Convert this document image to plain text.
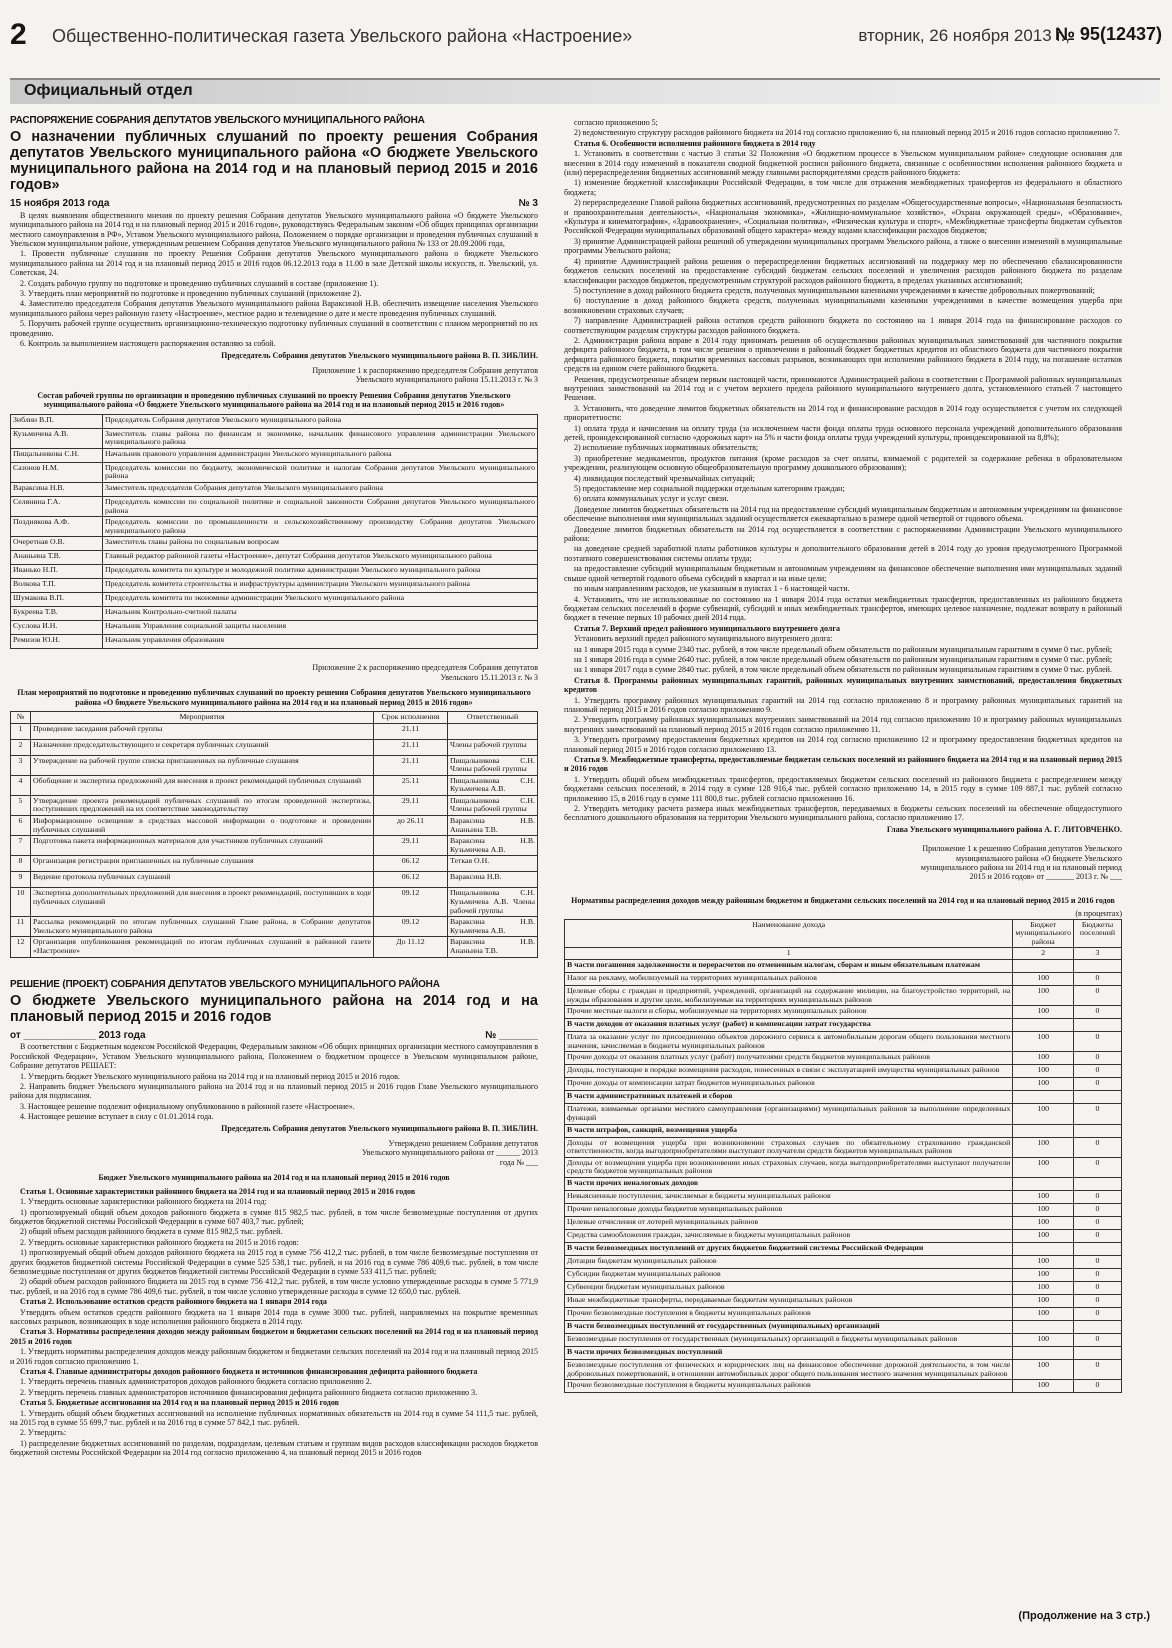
2 Общественно-политическая газета Увельского района «Настроение»	вторник, 26 ноября 2013 г.,
№ 95(12437)
Официальный отдел
РАСПОРЯЖЕНИЕ СОБРАНИЯ ДЕПУТАТОВ УВЕЛЬСКОГО МУНИЦИПАЛЬНОГО РАЙОНА
О назначении публичных слушаний по проекту решения Собрания депутатов Увельского муниципального района «О бюджете Увельского муниципального района на 2014 год и на плановый период 2015 и 2016 годов»
15 ноября 2013 года	№ 3

В целях выявления общественного мнения по проекту решения Собрания депутатов Увельского муниципального района «О бюджете Увельского муниципального района на 2014 год и на плановый период 2015 и 2016 годов», руководствуясь Федеральным законом «Об общих принципах организации местного самоуправления в РФ», Уставом Увельского муниципального района, Положением о порядке организации и проведения публичных слушаний в Увельском муниципальном районе, утвержденным решением Собрания депутатов Увельского муниципального района № 133 от 28.09.2006 года,

1. Провести публичные слушания по проекту Решения Собрания депутатов Увельского муниципального района о бюджете Увельского муниципального района на 2014 год и на плановый период 2015 и 2016 годов 06.12.2013 года в 11.00 в зале Детской школы искусств, п. Увельский, ул. Советская, 24.

2. Создать рабочую группу по подготовке и проведению публичных слушаний в составе (приложение 1).

3. Утвердить план мероприятий по подготовке и проведению публичных слушаний (приложение 2).

4. Заместителю председателя Собрания депутатов Увельского муниципального района Вараксиной Н.В. обеспечить извещение населения Увельского муниципального района через районную газету «Настроение», местное радио и телевидение о дате и месте проведения публичных слушаний.

5. Поручить рабочей группе осуществить организационно-техническую подготовку публичных слушаний в соответствии с планом мероприятий по их проведению.

6. Контроль за выполнением настоящего распоряжения оставляю за собой.

Председатель Собрания депутатов Увельского муниципального района В. П. ЗИБЛИН.
Приложение 1 к распоряжению председателя Собрания депутатов Увельского муниципального района 15.11.2013 г. № 3
Состав рабочей группы по организации и проведению публичных слушаний по проекту Решения Собрания депутатов Увельского муниципального района «О бюджете Увельского муниципального района на 2014 год и на плановый период 2015 и 2016 годов»
Зиблин В.П.	Председатель Собрания депутатов Увельского муниципального района
Кузьмичева А.В.	Заместитель главы района по финансам и экономике, начальник финансового управления администрации Увельского муниципального района
Пищальникова С.Н.	Начальник правового управления администрации Увельского муниципального района
Сазонов Н.М.	Председатель комиссии по бюджету, экономической политике и налогам Собрания депутатов Увельского муниципального района
Вараксина Н.В.	Заместитель председателя Собрания депутатов Увельского муниципального района
Селянина Г.А.	Председатель комиссии по социальной политике и социальной законности Собрания депутатов Увельского муниципального района
Позднякова А.Ф.	Председатель комиссии по промышленности и сельскохозяйственному производству Собрания депутатов Увельского муниципального района
Очеретная О.В.	Заместитель главы района по социальным вопросам
Ананьина Т.В.	Главный редактор районной газеты «Настроение», депутат Собрания депутатов Увельского муниципального района
Иванько Н.П.	Председатель комитета по культуре и молодежной политике администрации Увельского муниципального района
Волкова Т.П.	Председатель комитета строительства и инфраструктуры администрации Увельского муниципального района
Шумакова В.П.	Председатель комитета по экономике администрации Увельского муниципального района
Букреева Т.В.	Начальник Контрольно-счетной палаты
Суслова И.Н.	Начальник Управления социальной защиты населения
Ремизов Ю.Н.	Начальник управления образования
Приложение 2 к распоряжению председателя Собрания депутатов Увельского 15.11.2013 г. № 3
План мероприятий по подготовке и проведению публичных слушаний по проекту решения Собрания депутатов Увельского муниципального района «О бюджете Увельского муниципального района на 2014 год и на плановый период 2015 и 2016 годов»
№	Мероприятия	Срок исполнения	Ответственный
1	Проведение заседания рабочей группы	21.11	
2	Назначение председательствующего и секретаря публичных слушаний	21.11	Члены рабочей группы
3	Утверждение на рабочей группе списка приглашенных на публичные слушания	21.11	Пищальникова С.Н. Члены рабочей группы
4	Обобщение и экспертиза предложений для внесения в проект рекомендаций публичных слушаний	25.11	Пищальникова С.Н. Кузьмичева А.В.
5	Утверждение проекта рекомендаций публичных слушаний по итогам проведенной экспертизы, поступивших предложений на их соответствие законодательству	29.11	Пищальникова С.Н. Члены рабочей группы
6	Информационное освещение в средствах массовой информации о подготовке и проведении публичных слушаний	до 26.11	Вараксина Н.В. Ананьина Т.В.
7	Подготовка пакета информационных материалов для участников публичных слушаний	29.11	Вараксина Н.В. Кузьмичева А.В.
8	Организация регистрации приглашенных на публичные слушания	06.12	Теткая О.Н.
9	Ведение протокола публичных слушаний	06.12	Вараксина Н.В.
10	Экспертиза дополнительных предложений для внесения в проект рекомендаций, поступивших в ходе публичных слушаний	09.12	Пищальникова С.Н. Кузьмичева А.В. Члены рабочей группы
11	Рассылка рекомендаций по итогам публичных слушаний Главе района, в Собрание депутатов Увельского муниципального района	09.12	Вараксина Н.В. Кузьмичева А.В.
12	Организация опубликования рекомендаций по итогам публичных слушаний в районной газете «Настроение»	До 11.12	Вараксина Н.В. Ананьина Т.В.
РЕШЕНИЕ (ПРОЕКТ) СОБРАНИЯ ДЕПУТАТОВ УВЕЛЬСКОГО МУНИЦИПАЛЬНОГО РАЙОНА
О бюджете Увельского муниципального района на 2014 год и на плановый период 2015 и 2016 годов
от _____________ 2013 года	№ _______

В соответствии с Бюджетным кодексом Российской Федерации, Федеральным законом «Об общих принципах организации местного самоуправления в Российской Федерации», Уставом Увельского муниципального района, Положением о бюджетном процессе в Увельском муниципальном районе, Собрание депутатов РЕШАЕТ:

1. Утвердить бюджет Увельского муниципального района на 2014 год и на плановый период 2015 и 2016 годов.

2. Направить бюджет Увельского муниципального района на 2014 год и на плановый период 2015 и 2016 годов Главе Увельского муниципального района для подписания.

3. Настоящее решение подлежит официальному опубликованию в районной газете «Настроение».

4. Настоящее решение вступает в силу с 01.01.2014 года.

Председатель Собрания депутатов Увельского муниципального района В. П. ЗИБЛИН.
Утверждено решением Собрания депутатов Увельского муниципального района от ______ 2013 года № ___
Бюджет Увельского муниципального района на 2014 год и на плановый период 2015 и 2016 годов

Статья 1. Основные характеристики районного бюджета на 2014 год и на плановый период 2015 и 2016 годов

1. Утвердить основные характеристики районного бюджета на 2014 год:

1) прогнозируемый общий объем доходов районного бюджета в сумме 815 982,5 тыс. рублей, в том числе безвозмездные поступления от других бюджетов бюджетной системы Российской Федерации в сумме 607 403,7 тыс. рублей;

2) общий объем расходов районного бюджета в сумме 815 982,5 тыс. рублей.

2. Утвердить основные характеристики районного бюджета на 2015 и 2016 годов:

1) прогнозируемый общий объем доходов районного бюджета на 2015 год в сумме 756 412,2 тыс. рублей, в том числе безвозмездные поступления от других бюджетов бюджетной системы Российской Федерации в сумме 525 538,1 тыс. рублей, и на 2016 год в сумме 786 409,6 тыс. рублей, в том числе безвозмездные поступления от других бюджетов бюджетной системы Российской Федерации в сумме 533 411,5 тыс. рублей;

2) общий объем расходов районного бюджета на 2015 год в сумме 756 412,2 тыс. рублей, в том числе условно утвержденные расходы в сумме 5 771,9 тыс. рублей, и на 2016 год в сумме 786 409,6 тыс. рублей, в том числе условно утвержденные расходы в сумме 12 650,0 тыс. рублей.

Статья 2. Использование остатков средств районного бюджета на 1 января 2014 года

Утвердить объем остатков средств районного бюджета на 1 января 2014 года в сумме 3000 тыс. рублей, направляемых на покрытие временных кассовых разрывов, возникающих в ходе исполнения районного бюджета в 2014 году.

Статья 3. Нормативы распределения доходов между районным бюджетом и бюджетами сельских поселений на 2014 год и на плановый период 2015 и 2016 годов

1. Утвердить нормативы распределения доходов между районным бюджетом и бюджетами сельских поселений на 2014 год и на плановый период 2015 и 2016 годов согласно приложению 1.

Статья 4. Главные администраторы доходов районного бюджета и источников финансирования дефицита районного бюджета

1. Утвердить перечень главных администраторов доходов районного бюджета согласно приложению 2.

2. Утвердить перечень главных администраторов источников финансирования дефицита районного бюджета согласно приложению 3.

Статья 5. Бюджетные ассигнования на 2014 год и на плановый период 2015 и 2016 годов

1. Утвердить общий объем бюджетных ассигнований на исполнение публичных нормативных обязательств на 2014 год в сумме 54 111,5 тыс. рублей, на 2015 год в сумме 55 699,7 тыс. рублей и на 2016 год в сумме 57 842,1 тыс. рублей.

2. Утвердить:

1) распределение бюджетных ассигнований по разделам, подразделам, целевым статьям и группам видов расходов классификации расходов бюджетов бюджетной системы Российской Федерации на 2014 год согласно приложению 4, на плановый период 2015 и 2016 годов

согласно приложению 5;

2) ведомственную структуру расходов районного бюджета на 2014 год согласно приложению 6, на плановый период 2015 и 2016 годов согласно приложению 7.

Статья 6. Особенности исполнения районного бюджета в 2014 году

1. Установить в соответствии с частью 3 статьи 32 Положения «О бюджетном процессе в Увельском муниципальном районе» следующие основания для внесения в 2014 году изменений в показатели сводной бюджетной росписи районного бюджета, связанные с особенностями исполнения районного бюджета и (или) перераспределения бюджетных ассигнований между главными распорядителями средств районного бюджета:

1) изменение бюджетной классификации Российской Федерации, в том числе для отражения межбюджетных трансфертов из федерального и областного бюджета;

2) перераспределение Главой района бюджетных ассигнований, предусмотренных по разделам «Общегосударственные вопросы», «Национальная безопасность и правоохранительная деятельность», «Национальная экономика», «Жилищно-коммунальное хозяйство», «Охрана окружающей среды», «Образование», «Культура и кинематография», «Здравоохранение», «Социальная политика», «Физическая культура и спорт», «Межбюджетные трансферты бюджетам субъектов Российской Федерации муниципальных образований общего характера» между кодами классификации расходов бюджетов;

3) принятие Администрацией района решений об утверждении муниципальных программ Увельского района, а также о внесении изменений в муниципальные программы Увельского района;

4) принятие Администрацией района решения о перераспределении бюджетных ассигнований на поддержку мер по обеспечению сбалансированности бюджетов сельских поселений на предоставление субсидий бюджетам сельских поселений и увеличения расходов районного бюджета по разделам классификации расходов бюджетов, предусмотренным структурой расходов районного бюджета, в пределах указанных ассигнований;

5) поступление в доход районного бюджета средств, полученных муниципальными казенными учреждениями в качестве добровольных пожертвований;

6) поступление в доход районного бюджета средств, полученных муниципальными казенными учреждениями в качестве возмещения ущерба при возникновении страховых случаев;

7) направление Администрацией района остатков средств районного бюджета по состоянию на 1 января 2014 года на финансирование расходов со соответствующим разделам структуры расходов районного бюджета.

2. Администрация района вправе в 2014 году принимать решения об осуществлении районных муниципальных заимствований для частичного покрытия дефицита районного бюджета, в том числе решения о привлечении в районный бюджет бюджетных кредитов из областного бюджета для частичного покрытия дефицита районного бюджета, покрытия временных кассовых разрывов, возникающих при исполнении районного бюджета в 2014 году, на погашение остатков средств на едином счете районного бюджета.

Решения, предусмотренные абзацем первым настоящей части, принимаются Администрацией района в соответствии с Программой районных муниципальных внутренних заимствований на 2014 год и с учетом верхнего предела районного муниципального внутреннего долга, установленного статьей 7 настоящего Решения.

3. Установить, что доведение лимитов бюджетных обязательств на 2014 год и финансирование расходов в 2014 году осуществляется с учетом их следующей приоритетности:

1) оплата труда и начисления на оплату труда (за исключением части фонда оплаты труда основного персонала учреждений дополнительного образования детей, проиндексированной согласно «дорожных карт» на 5% и части фонда оплаты труда учреждений культуры, проиндексированной на 8,8%);

2) исполнение публичных нормативных обязательств;

3) приобретение медикаментов, продуктов питания (кроме расходов за счет оплаты, взимаемой с родителей за содержание ребенка в образовательном учреждении, реализующем основную общеобразовательную программу дошкольного образования);

4) ликвидация последствий чрезвычайных ситуаций;

5) предоставление мер социальной поддержки отдельным категориям граждан;

6) оплата коммунальных услуг и услуг связи.

Доведение лимитов бюджетных обязательств на 2014 год на предоставление субсидий муниципальным бюджетным и автономным учреждениям на финансовое обеспечение выполнения ими муниципальных заданий осуществляется ежеквартально в размере одной четвертой от годового объема.

Доведение лимитов бюджетных обязательств на 2014 год осуществляется в соответствии с распоряжениями Администрации Увельского муниципального района:

на доведение средней заработной платы работников культуры и дополнительного образования детей в 2014 году до уровня предусмотренного Программой поэтапного совершенствования системы оплаты труда;

на предоставление субсидий муниципальным бюджетным и автономным учреждениям на финансовое обеспечение выполнения ими муниципальных заданий свыше одной четвертой годового объема субсидий в квартал и на иные цели;

по иным направлениям расходов, не указанным в пунктах 1 - 6 настоящей части.

4. Установить, что не использованные по состоянию на 1 января 2014 года остатки межбюджетных трансфертов, предоставленных из районного бюджета бюджетам сельских поселений в форме субвенций, субсидий и иных межбюджетных трансфертов, имеющих целевое назначение, подлежат возврату в районный бюджет в течение первых 10 рабочих дней 2014 года.

Статья 7. Верхний предел районного муниципального внутреннего долга

Установить верхний предел районного муниципального внутреннего долга:

на 1 января 2015 года в сумме 2340 тыс. рублей, в том числе предельный объем обязательств по районным муниципальным гарантиям в сумме 0 тыс. рублей;

на 1 января 2016 года в сумме 2640 тыс. рублей, в том числе предельный объем обязательств по районным муниципальным гарантиям в сумме 0 тыс. рублей;

на 1 января 2017 года в сумме 2840 тыс. рублей, в том числе предельный объем обязательств по районным муниципальным гарантиям в сумме 0 тыс. рублей.

Статья 8. Программы районных муниципальных гарантий, районных муниципальных внутренних заимствований, предоставления бюджетных кредитов

1. Утвердить программу районных муниципальных гарантий на 2014 год согласно приложению 8 и программу районных муниципальных гарантий на плановый период 2015 и 2016 годов согласно приложению 9.

2. Утвердить программу районных муниципальных внутренних заимствований на 2014 год согласно приложению 10 и программу районных муниципальных внутренних заимствований на плановый период 2015 и 2016 годов согласно приложению 11.

3. Утвердить программу предоставления бюджетных кредитов на 2014 год согласно приложению 12 и программу предоставления бюджетных кредитов на плановый период 2015 и 2016 годов согласно приложению 13.

Статья 9. Межбюджетные трансферты, предоставляемые бюджетам сельских поселений из районного бюджета на 2014 год и на плановый период 2015 и 2016 годов

1. Утвердить общий объем межбюджетных трансфертов, предоставляемых бюджетам сельских поселений из районного бюджета с распределением между бюджетами сельских поселений, в 2014 году в сумме 128 916,4 тыс. рублей согласно приложению 14, в 2015 году в сумме 109 887,1 тыс. рублей согласно приложению 15, в 2016 году в сумме 111 800,8 тыс. рублей согласно приложению 16.

2. Утвердить методику расчета размера иных межбюджетных трансфертов, передаваемых в бюджеты сельских поселений на обеспечение общедоступного бесплатного дошкольного образования на территории Увельского муниципального района, согласно приложению 17.

Глава Увельского муниципального района А. Г. ЛИТОВЧЕНКО.
Приложение 1 к решению Собрания депутатов Увельского муниципального района «О бюджете Увельского муниципального района на 2014 год и на плановый период 2015 и 2016 годов» от _______ 2013 г. № ___
Нормативы распределения доходов между районным бюджетом и бюджетами сельских поселений на 2014 год и на плановый период 2015 и 2016 годов
(в процентах)
Наименование дохода	Бюджет муниципального района	Бюджеты поселений
1	2	3
В части погашения задолженности и перерасчетов по отмененным налогам, сборам и иным обязательным платежам		
Налог на рекламу, мобилизуемый на территориях муниципальных районов	100	0
Целевые сборы с граждан и предприятий, учреждений, организаций на содержание милиции, на благоустройство территорий, на нужды образования и другие цели, мобилизуемые на территориях муниципальных районов	100	0
Прочие местные налоги и сборы, мобилизуемые на территориях муниципальных районов	100	0
В части доходов от оказания платных услуг (работ) и компенсации затрат государства		
Плата за оказание услуг по присоединению объектов дорожного сервиса к автомобильным дорогам общего пользования местного значения, зачисляемая в бюджеты муниципальных районов	100	0
Прочие доходы от оказания платных услуг (работ) получателями средств бюджетов муниципальных районов	100	0
Доходы, поступающие в порядке возмещения расходов, понесенных в связи с эксплуатацией имущества муниципальных районов	100	0
Прочие доходы от компенсации затрат бюджетов муниципальных районов	100	0
В части административных платежей и сборов		
Платежи, взимаемые органами местного самоуправления (организациями) муниципальных районов за выполнение определенных функций	100	0
В части штрафов, санкций, возмещения ущерба		
Доходы от возмещения ущерба при возникновении страховых случаев по обязательному страхованию гражданской ответственности, когда выгодоприобретателями выступают получатели средств бюджетов муниципальных районов	100	0
Доходы от возмещения ущерба при возникновении иных страховых случаев, когда выгодоприобретателями выступают получатели средств бюджетов муниципальных районов	100	0
В части прочих неналоговых доходов		
Невыясненные поступления, зачисляемые в бюджеты муниципальных районов	100	0
Прочие неналоговые доходы бюджетов муниципальных районов	100	0
Целевые отчисления от лотерей муниципальных районов	100	0
Средства самообложения граждан, зачисляемые в бюджеты муниципальных районов	100	0
В части безвозмездных поступлений от других бюджетов бюджетной системы Российской Федерации		
Дотации бюджетам муниципальных районов	100	0
Субсидии бюджетам муниципальных районов	100	0
Субвенции бюджетам муниципальных районов	100	0
Иные межбюджетные трансферты, передаваемые бюджетам муниципальных районов	100	0
Прочие безвозмездные поступления в бюджеты муниципальных районов	100	0
В части безвозмездных поступлений от государственных (муниципальных) организаций		
Безвозмездные поступления от государственных (муниципальных) организаций в бюджеты муниципальных районов	100	0
В части прочих безвозмездных поступлений		
Безвозмездные поступления от физических и юридических лиц на финансовое обеспечение дорожной деятельности, в том числе добровольных пожертвований, в отношении автомобильных дорог общего пользования местного значения муниципальных районов	100	0
Прочие безвозмездные поступления в бюджеты муниципальных районов	100	0
(Продолжение на 3 стр.)
